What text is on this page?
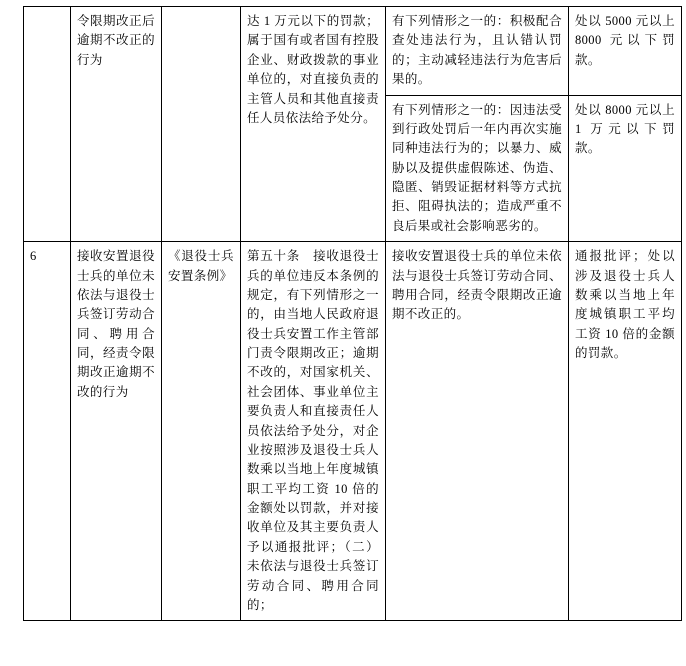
	令限期改正后逾期不改正的行为		达 1 万元以下的罚款；属于国有或者国有控股企业、财政拨款的事业单位的，对直接负责的主管人员和其他直接责任人员依法给予处分。	有下列情形之一的：积极配合查处违法行为，且认错认罚的；主动减轻违法行为危害后果的。	处以 5000 元以上 8000 元以下罚款。

				有下列情形之一的：因违法受到行政处罚后一年内再次实施同种违法行为的；以暴力、威胁以及提供虚假陈述、伪造、隐匿、销毁证据材料等方式抗拒、阻碍执法的；造成严重不良后果或社会影响恶劣的。	处以 8000 元以上 1 万元以下罚款。

6	接收安置退役士兵的单位未依法与退役士兵签订劳动合同、聘用合同，经责令限期改正逾期不改的行为	《退役士兵安置条例》	第五十条　接收退役士兵的单位违反本条例的规定，有下列情形之一的，由当地人民政府退役士兵安置工作主管部门责令限期改正；逾期不改的，对国家机关、社会团体、事业单位主要负责人和直接责任人员依法给予处分，对企业按照涉及退役士兵人数乘以当地上年度城镇职工平均工资 10 倍的金额处以罚款，并对接收单位及其主要负责人予以通报批评；（二）未依法与退役士兵签订劳动合同、聘用合同的；	接收安置退役士兵的单位未依法与退役士兵签订劳动合同、聘用合同，经责令限期改正逾期不改正的。	通报批评；处以涉及退役士兵人数乘以当地上年度城镇职工平均工资 10 倍的金额的罚款。
